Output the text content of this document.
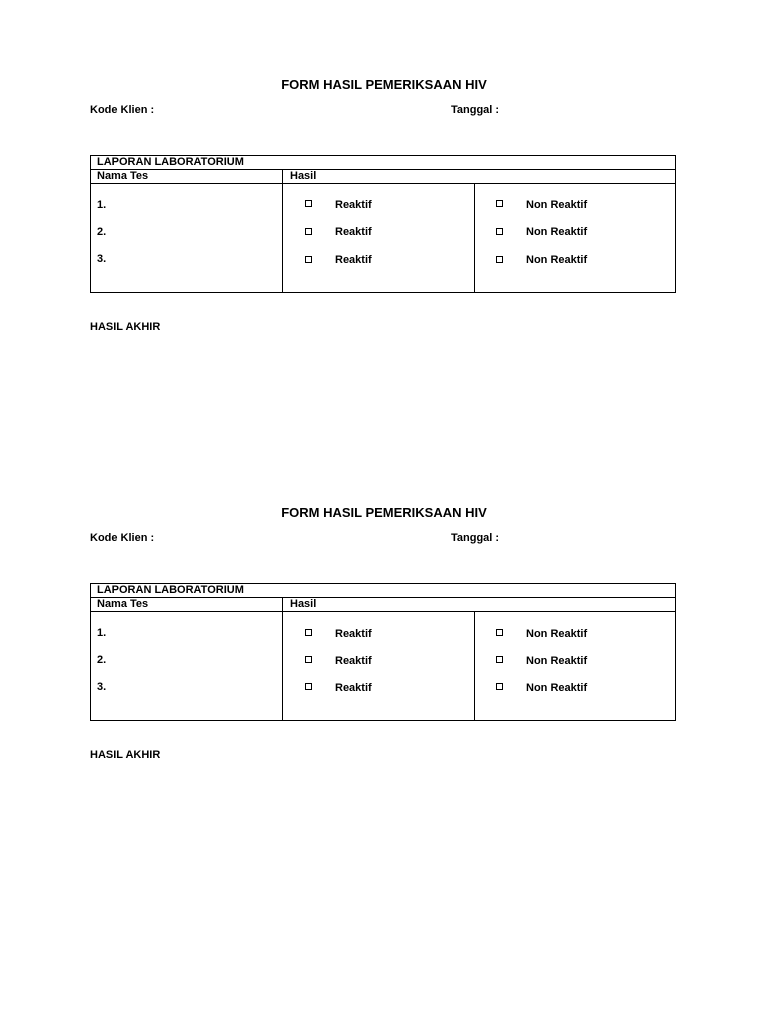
FORM HASIL PEMERIKSAAN HIV
Kode Klien :	Tanggal :
LAPORAN LABORATORIUM
Nama Tes	Hasil
1.	Reaktif	Non Reaktif
2.	Reaktif	Non Reaktif
3.	Reaktif	Non Reaktif
HASIL AKHIR
FORM HASIL PEMERIKSAAN HIV
Kode Klien :	Tanggal :
LAPORAN LABORATORIUM
Nama Tes	Hasil
1.	Reaktif	Non Reaktif
2.	Reaktif	Non Reaktif
3.	Reaktif	Non Reaktif
HASIL AKHIR
